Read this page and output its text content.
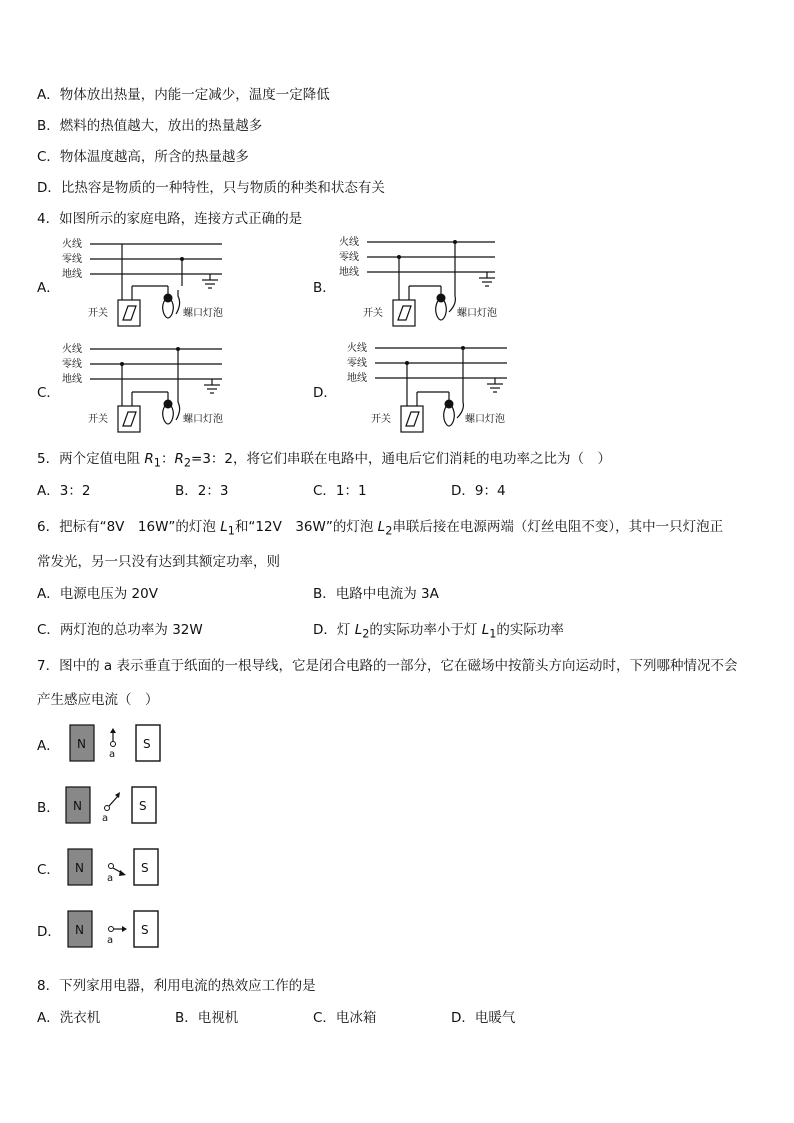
A．物体放出热量，内能一定减少，温度一定降低
B．燃料的热值越大，放出的热量越多
C．物体温度越高，所含的热量越多
D．比热容是物质的一种特性，只与物质的种类和状态有关
4．如图所示的家庭电路，连接方式正确的是
A．
火线
零线
地线
开关	螺口灯泡
B．
火线
零线
地线
开关	螺口灯泡
C．
火线
零线
地线
开关	螺口灯泡
D．
火线
零线
地线
开关	螺口灯泡
5．两个定值电阻 $R_1$：$R_2=3$：2，将它们串联在电路中，通电后它们消耗的电功率之比为（　）
A．3：2	B．2：3	C．1：1	D．9：4
6．把标有“8V　16W”的灯泡 $L_1$和“12V　36W”的灯泡 $L_2$串联后接在电源两端（灯丝电阻不变），其中一只灯泡正
常发光，另一只没有达到其额定功率，则
A．电源电压为 20V	B．电路中电流为 3A
C．两灯泡的总功率为 32W	D．灯 $L_2$的实际功率小于灯 $L_1$的实际功率
7．图中的 a 表示垂直于纸面的一根导线，它是闭合电路的一部分，它在磁场中按箭头方向运动时，下列哪种情况不会
产生感应电流（　）
A． N	S
a
B． N	S
a
C． N	S
a
D． N	S
a
8．下列家用电器，利用电流的热效应工作的是
A．洗衣机	B．电视机	C．电冰箱	D．电暖气
